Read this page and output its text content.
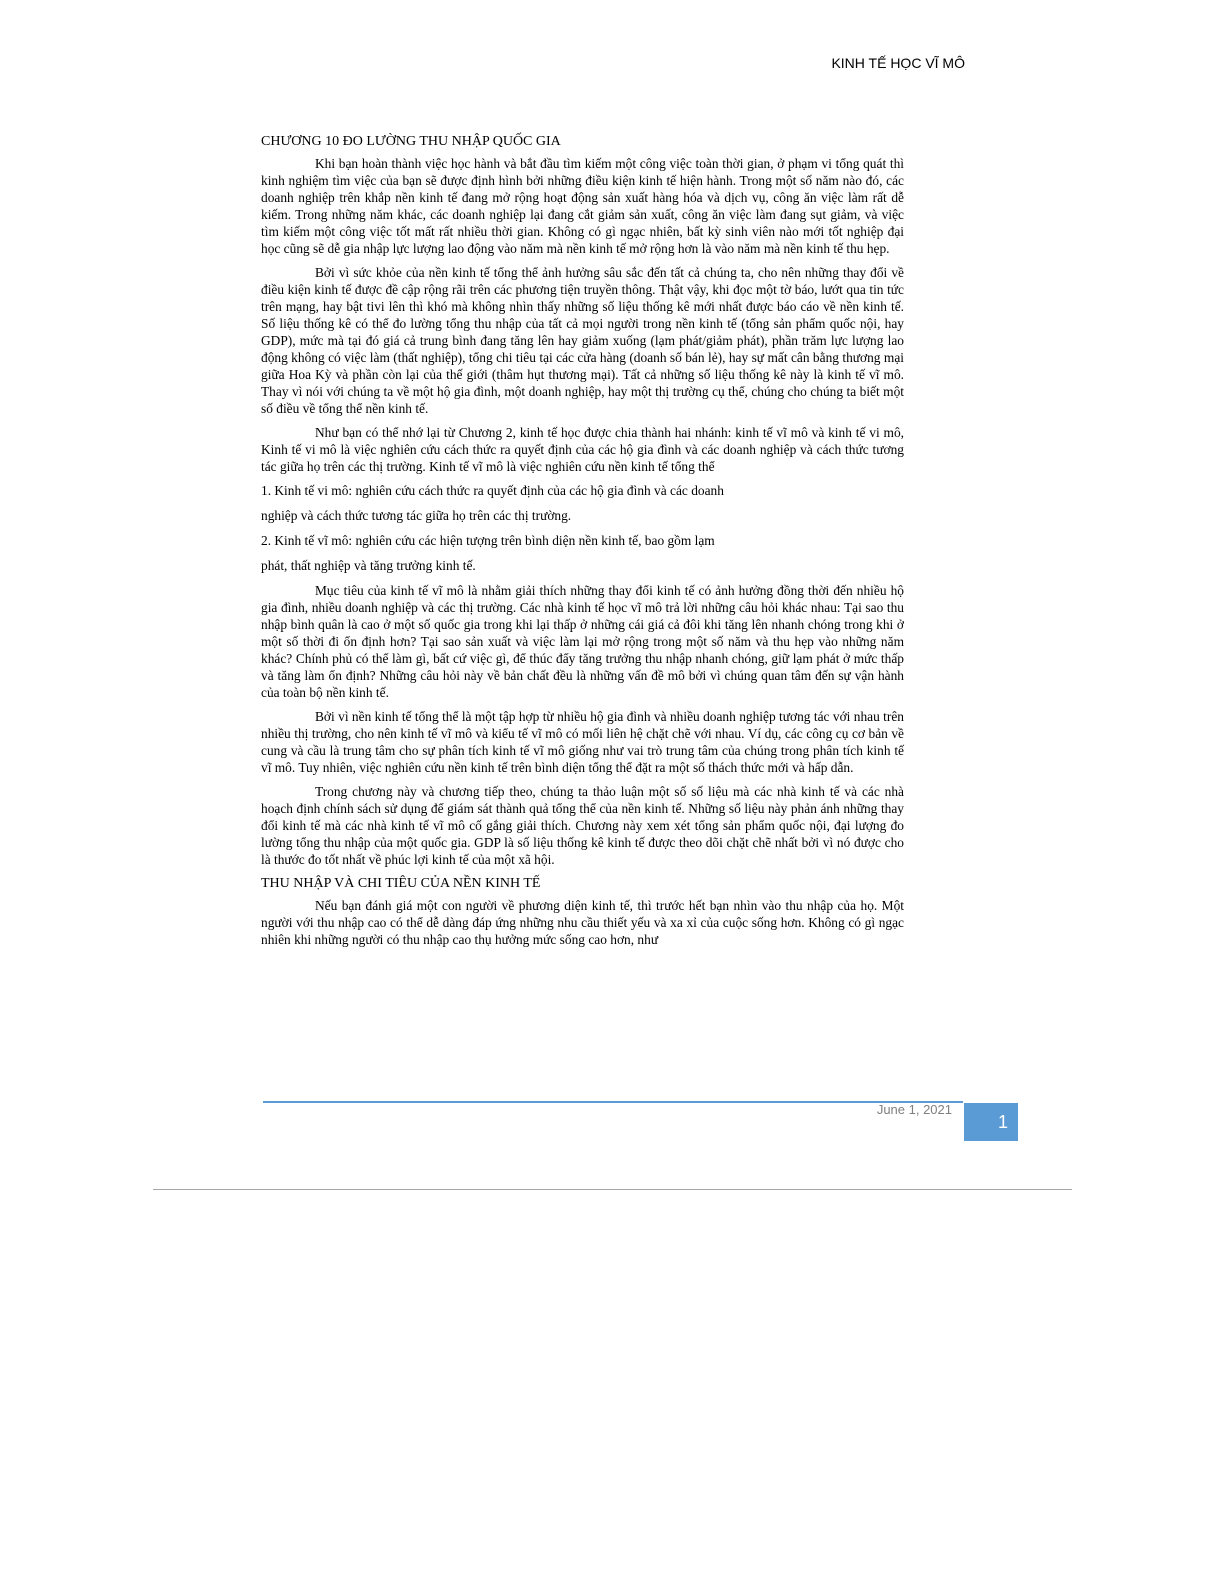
KINH TẾ HỌC VĨ MÔ

CHƯƠNG 10 ĐO LƯỜNG THU NHẬP QUỐC GIA

Khi bạn hoàn thành việc học hành và bắt đầu tìm kiếm một công việc toàn thời gian, ở phạm vi tổng quát thì kinh nghiệm tìm việc của bạn sẽ được định hình bởi những điều kiện kinh tế hiện hành. Trong một số năm nào đó, các doanh nghiệp trên khắp nền kinh tế đang mở rộng hoạt động sản xuất hàng hóa và dịch vụ, công ăn việc làm rất dễ kiếm. Trong những năm khác, các doanh nghiệp lại đang cắt giảm sản xuất, công ăn việc làm đang sụt giảm, và việc tìm kiếm một công việc tốt mất rất nhiều thời gian. Không có gì ngạc nhiên, bất kỳ sinh viên nào mới tốt nghiệp đại học cũng sẽ dễ gia nhập lực lượng lao động vào năm mà nền kinh tế mở rộng hơn là vào năm mà nền kinh tế thu hẹp.

Bởi vì sức khỏe của nền kinh tế tổng thể ảnh hưởng sâu sắc đến tất cả chúng ta, cho nên những thay đổi về điều kiện kinh tế được đề cập rộng rãi trên các phương tiện truyền thông. Thật vậy, khi đọc một tờ báo, lướt qua tin tức trên mạng, hay bật tivi lên thì khó mà không nhìn thấy những số liệu thống kê mới nhất được báo cáo về nền kinh tế. Số liệu thống kê có thể đo lường tổng thu nhập của tất cả mọi người trong nền kinh tế (tổng sản phẩm quốc nội, hay GDP), mức mà tại đó giá cả trung bình đang tăng lên hay giảm xuống (lạm phát/giảm phát), phần trăm lực lượng lao động không có việc làm (thất nghiệp), tổng chi tiêu tại các cửa hàng (doanh số bán lẻ), hay sự mất cân bằng thương mại giữa Hoa Kỳ và phần còn lại của thế giới (thâm hụt thương mại). Tất cả những số liệu thống kê này là kinh tế vĩ mô. Thay vì nói với chúng ta về một hộ gia đình, một doanh nghiệp, hay một thị trường cụ thể, chúng cho chúng ta biết một số điều về tổng thể nền kinh tế.

Như bạn có thể nhớ lại từ Chương 2, kinh tế học được chia thành hai nhánh: kinh tế vĩ mô và kinh tế vi mô, Kinh tế vi mô là việc nghiên cứu cách thức ra quyết định của các hộ gia đình và các doanh nghiệp và cách thức tương tác giữa họ trên các thị trường. Kinh tế vĩ mô là việc nghiên cứu nền kinh tế tổng thể

1. Kinh tế vi mô: nghiên cứu cách thức ra quyết định của các hộ gia đình và các doanh

nghiệp và cách thức tương tác giữa họ trên các thị trường.

2. Kinh tế vĩ mô: nghiên cứu các hiện tượng trên bình diện nền kinh tế, bao gồm lạm

phát, thất nghiệp và tăng trưởng kinh tế.

Mục tiêu của kinh tế vĩ mô là nhằm giải thích những thay đổi kinh tế có ảnh hưởng đồng thời đến nhiều hộ gia đình, nhiều doanh nghiệp và các thị trường. Các nhà kinh tế học vĩ mô trả lời những câu hỏi khác nhau: Tại sao thu nhập bình quân là cao ở một số quốc gia trong khi lại thấp ở những cái giá cả đôi khi tăng lên nhanh chóng trong khi ở một số thời đi ổn định hơn? Tại sao sản xuất và việc làm lại mở rộng trong một số năm và thu hẹp vào những năm khác? Chính phủ có thể làm gì, bất cứ việc gì, để thúc đẩy tăng trưởng thu nhập nhanh chóng, giữ lạm phát ở mức thấp và tăng làm ổn định? Những câu hỏi này về bản chất đều là những vấn đề mô bởi vì chúng quan tâm đến sự vận hành của toàn bộ nền kinh tế.

Bởi vì nền kinh tế tổng thể là một tập hợp từ nhiều hộ gia đình và nhiều doanh nghiệp tương tác với nhau trên nhiều thị trường, cho nên kinh tế vĩ mô và kiểu tế vĩ mô có mối liên hệ chặt chẽ với nhau. Ví dụ, các công cụ cơ bản về cung và cầu là trung tâm cho sự phân tích kinh tế vĩ mô giống như vai trò trung tâm của chúng trong phân tích kinh tế vĩ mô. Tuy nhiên, việc nghiên cứu nền kinh tế trên bình diện tổng thể đặt ra một số thách thức mới và hấp dẫn.

Trong chương này và chương tiếp theo, chúng ta thảo luận một số số liệu mà các nhà kinh tế và các nhà hoạch định chính sách sử dụng để giám sát thành quả tổng thể của nền kinh tế. Những số liệu này phản ánh những thay đổi kinh tế mà các nhà kinh tế vĩ mô cố gắng giải thích. Chương này xem xét tổng sản phẩm quốc nội, đại lượng đo lường tổng thu nhập của một quốc gia. GDP là số liệu thống kê kinh tế được theo dõi chặt chẽ nhất bởi vì nó được cho là thước đo tốt nhất về phúc lợi kinh tế của một xã hội.

THU NHẬP VÀ CHI TIÊU CỦA NỀN KINH TẾ

Nếu bạn đánh giá một con người về phương diện kinh tế, thì trước hết bạn nhìn vào thu nhập của họ. Một người với thu nhập cao có thể dễ dàng đáp ứng những nhu cầu thiết yếu và xa xỉ của cuộc sống hơn. Không có gì ngạc nhiên khi những người có thu nhập cao thụ hưởng mức sống cao hơn, như

June 1, 2021
1
